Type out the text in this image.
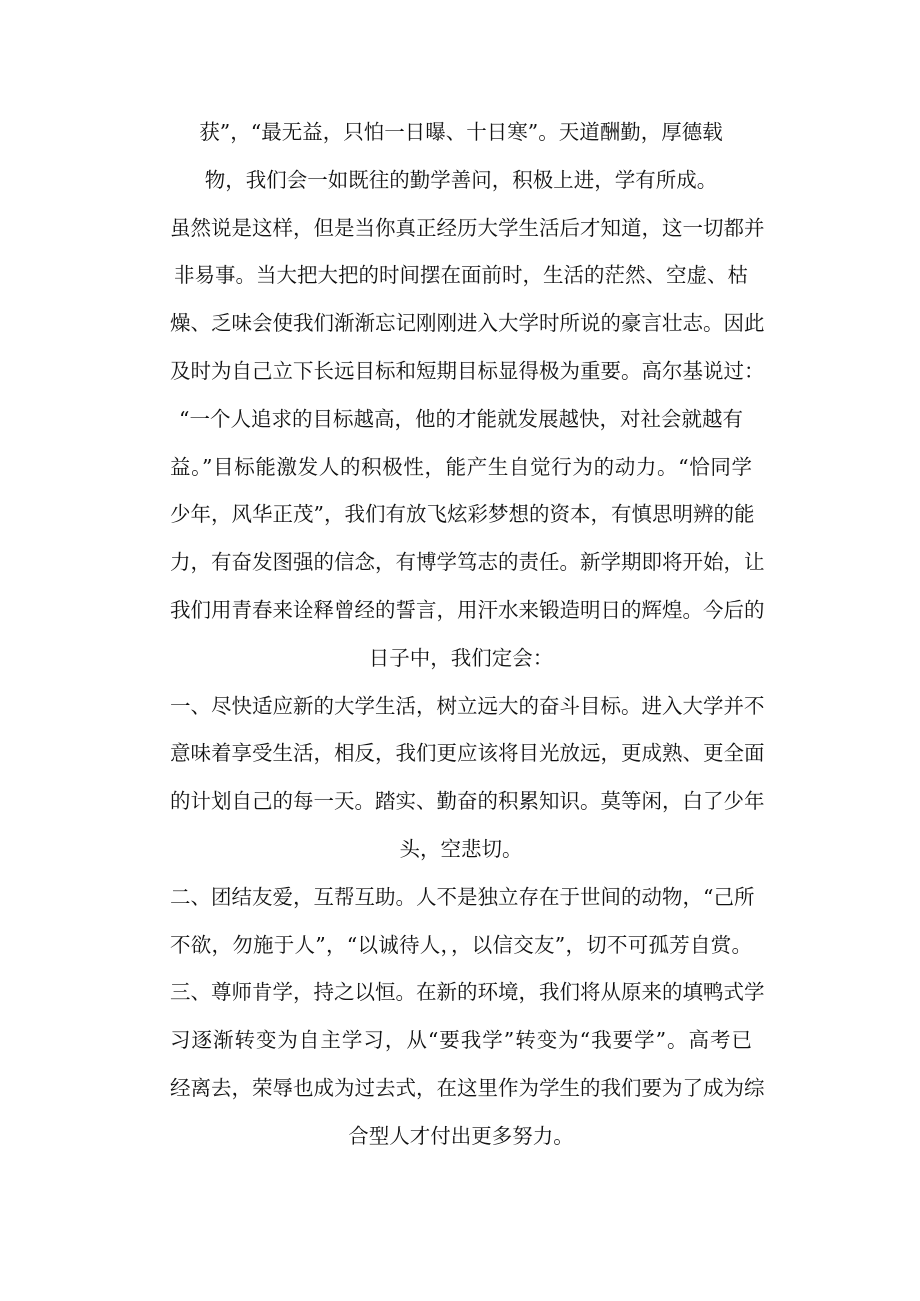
获”，“最无益，只怕一日曝、十日寒”。天道酬勤，厚德载
物，我们会一如既往的勤学善问，积极上进，学有所成。
虽然说是这样，但是当你真正经历大学生活后才知道，这一切都并
非易事。当大把大把的时间摆在面前时，生活的茫然、空虚、枯
燥、乏味会使我们渐渐忘记刚刚进入大学时所说的豪言壮志。因此
及时为自己立下长远目标和短期目标显得极为重要。高尔基说过：
“一个人追求的目标越高，他的才能就发展越快，对社会就越有
益。”目标能激发人的积极性，能产生自觉行为的动力。“恰同学
少年，风华正茂”，我们有放飞炫彩梦想的资本，有慎思明辨的能
力，有奋发图强的信念，有博学笃志的责任。新学期即将开始，让
我们用青春来诠释曾经的誓言，用汗水来锻造明日的辉煌。今后的
日子中，我们定会：
一、尽快适应新的大学生活，树立远大的奋斗目标。进入大学并不
意味着享受生活，相反，我们更应该将目光放远，更成熟、更全面
的计划自己的每一天。踏实、勤奋的积累知识。莫等闲，白了少年
头，空悲切。
二、团结友爱，互帮互助。人不是独立存在于世间的动物，“己所
不欲，勿施于人”，“以诚待人，，以信交友”，切不可孤芳自赏。
三、尊师肯学，持之以恒。在新的环境，我们将从原来的填鸭式学
习逐渐转变为自主学习，从“要我学”转变为“我要学”。高考已
经离去，荣辱也成为过去式，在这里作为学生的我们要为了成为综
合型人才付出更多努力。
